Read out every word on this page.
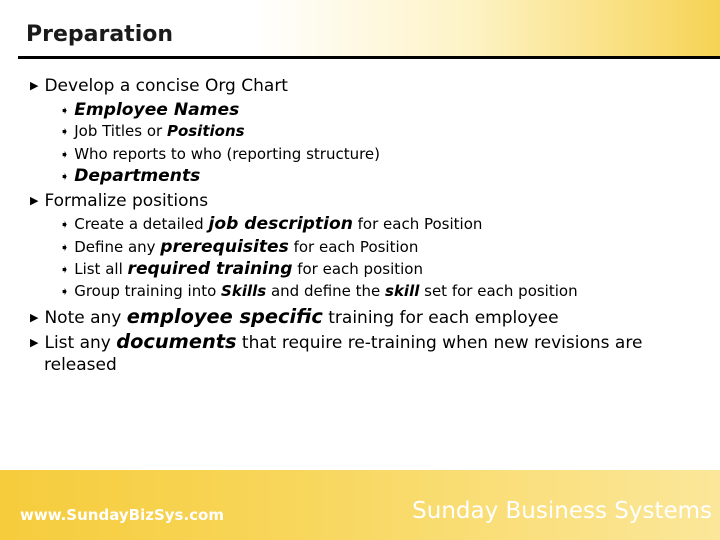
Preparation
▶ Develop a concise Org Chart
➧ Employee Names
➧ Job Titles or Positions
➧ Who reports to who (reporting structure)
➧ Departments
▶ Formalize positions
➧ Create a detailed job description for each Position
➧ Define any prerequisites for each Position
➧ List all required training for each position
➧ Group training into Skills and define the skill set for each position
▶ Note any employee specific training for each employee
▶ List any documents that require re-training when new revisions are released
www.SundayBizSys.com	Sunday Business Systems
